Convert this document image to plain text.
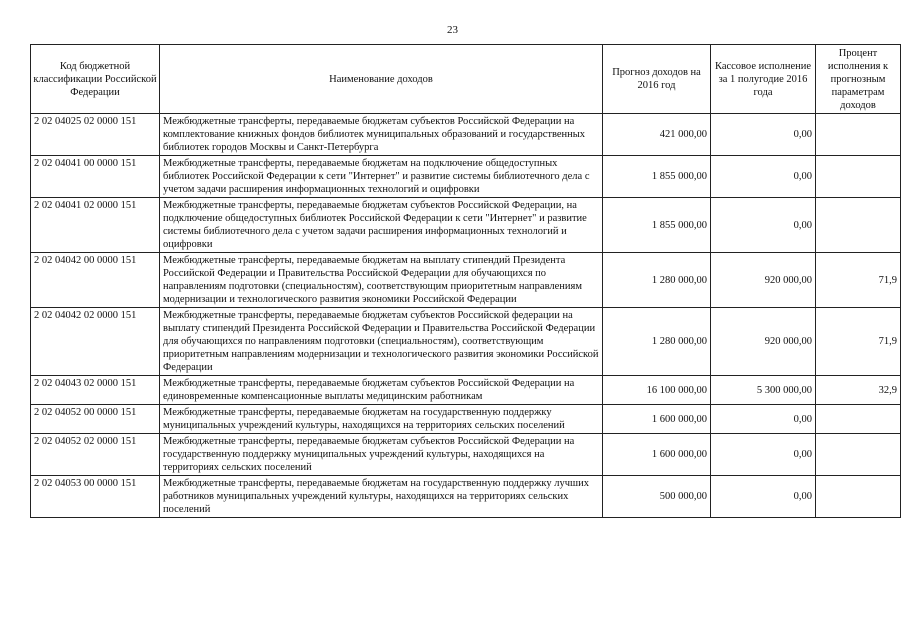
23
Код бюджетной классификации Российской Федерации	Наименование доходов	Прогноз доходов на 2016 год	Кассовое исполнение за 1 полугодие 2016 года	Процент исполнения к прогнозным параметрам доходов
2 02 04025 02 0000 151	Межбюджетные трансферты, передаваемые бюджетам субъектов Российской Федерации на комплектование книжных фондов библиотек муниципальных образований и государственных библиотек городов Москвы и Санкт-Петербурга	421 000,00	0,00	
2 02 04041 00 0000 151	Межбюджетные трансферты, передаваемые бюджетам на подключение общедоступных библиотек Российской Федерации к сети "Интернет" и развитие системы библиотечного дела с учетом задачи расширения информационных технологий и оцифровки	1 855 000,00	0,00	
2 02 04041 02 0000 151	Межбюджетные трансферты, передаваемые бюджетам субъектов Российской Федерации, на подключение общедоступных библиотек Российской Федерации к сети "Интернет" и развитие системы библиотечного дела с учетом задачи расширения информационных технологий и оцифровки	1 855 000,00	0,00	
2 02 04042 00 0000 151	Межбюджетные трансферты, передаваемые бюджетам на выплату стипендий Президента Российской Федерации и Правительства Российской Федерации для обучающихся по направлениям подготовки (специальностям), соответствующим приоритетным направлениям модернизации и технологического развития экономики Российской Федерации	1 280 000,00	920 000,00	71,9
2 02 04042 02 0000 151	Межбюджетные трансферты, передаваемые бюджетам субъектов Российской федерации на выплату стипендий Президента Российской Федерации и Правительства Российской Федерации для обучающихся по направлениям подготовки (специальностям), соответствующим приоритетным направлениям модернизации и технологического развития экономики Российской Федерации	1 280 000,00	920 000,00	71,9
2 02 04043 02 0000 151	Межбюджетные трансферты, передаваемые бюджетам субъектов Российской Федерации на единовременные компенсационные выплаты медицинским работникам	16 100 000,00	5 300 000,00	32,9
2 02 04052 00 0000 151	Межбюджетные трансферты, передаваемые бюджетам на государственную поддержку муниципальных учреждений культуры, находящихся на территориях сельских поселений	1 600 000,00	0,00	
2 02 04052 02 0000 151	Межбюджетные трансферты, передаваемые бюджетам субъектов Российской Федерации на государственную поддержку муниципальных учреждений культуры, находящихся на территориях сельских поселений	1 600 000,00	0,00	
2 02 04053 00 0000 151	Межбюджетные трансферты, передаваемые бюджетам на государственную поддержку лучших работников муниципальных учреждений культуры, находящихся на территориях сельских поселений	500 000,00	0,00	
